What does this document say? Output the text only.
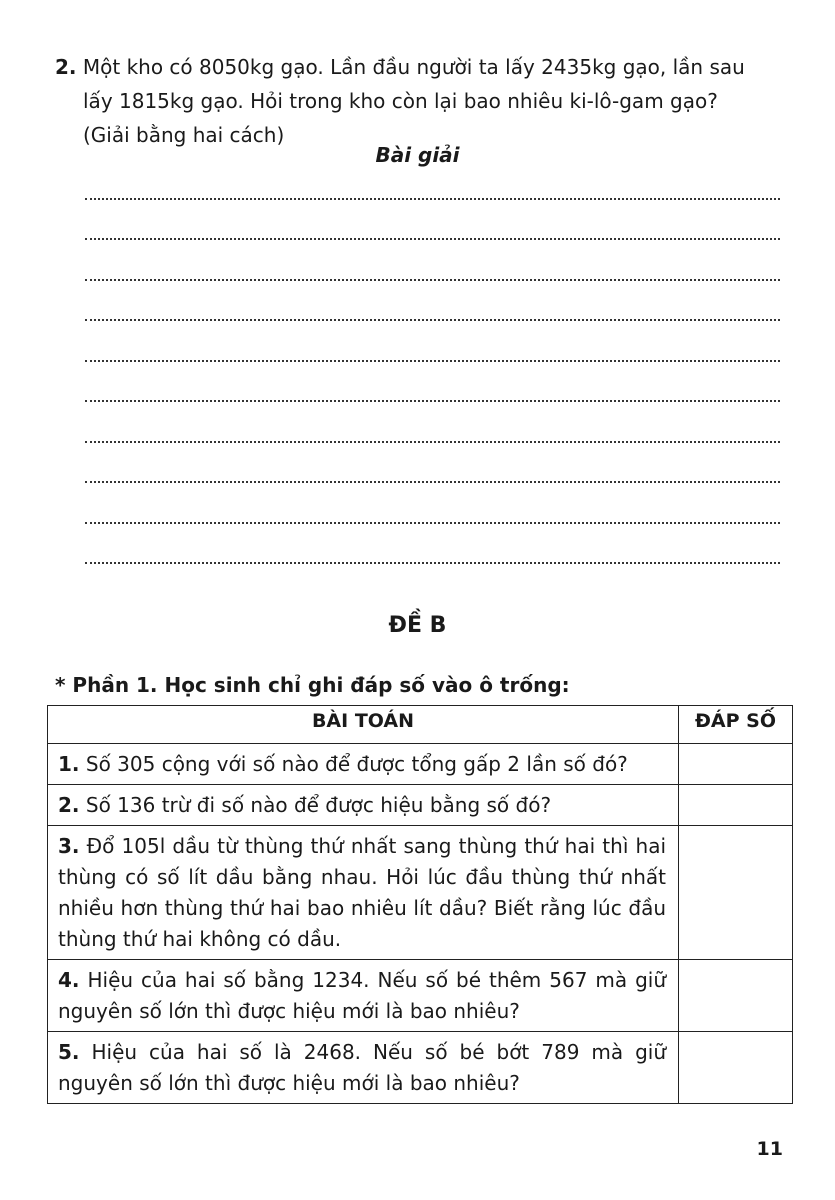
2. Một kho có 8050kg gạo. Lần đầu người ta lấy 2435kg gạo, lần sau
lấy 1815kg gạo. Hỏi trong kho còn lại bao nhiêu ki-lô-gam gạo?
(Giải bằng hai cách)
Bài giải
ĐỀ B
* Phần 1. Học sinh chỉ ghi đáp số vào ô trống:
BÀI TOÁN	ĐÁP SỐ
1. Số 305 cộng với số nào để được tổng gấp 2 lần số đó?	
2. Số 136 trừ đi số nào để được hiệu bằng số đó?	
3. Đổ 105l dầu từ thùng thứ nhất sang thùng thứ hai thì hai thùng có số lít dầu bằng nhau. Hỏi lúc đầu thùng thứ nhất nhiều hơn thùng thứ hai bao nhiêu lít dầu? Biết rằng lúc đầu thùng thứ hai không có dầu.	
4. Hiệu của hai số bằng 1234. Nếu số bé thêm 567 mà giữ nguyên số lớn thì được hiệu mới là bao nhiêu?	
5. Hiệu của hai số là 2468. Nếu số bé bớt 789 mà giữ nguyên số lớn thì được hiệu mới là bao nhiêu?	
11
